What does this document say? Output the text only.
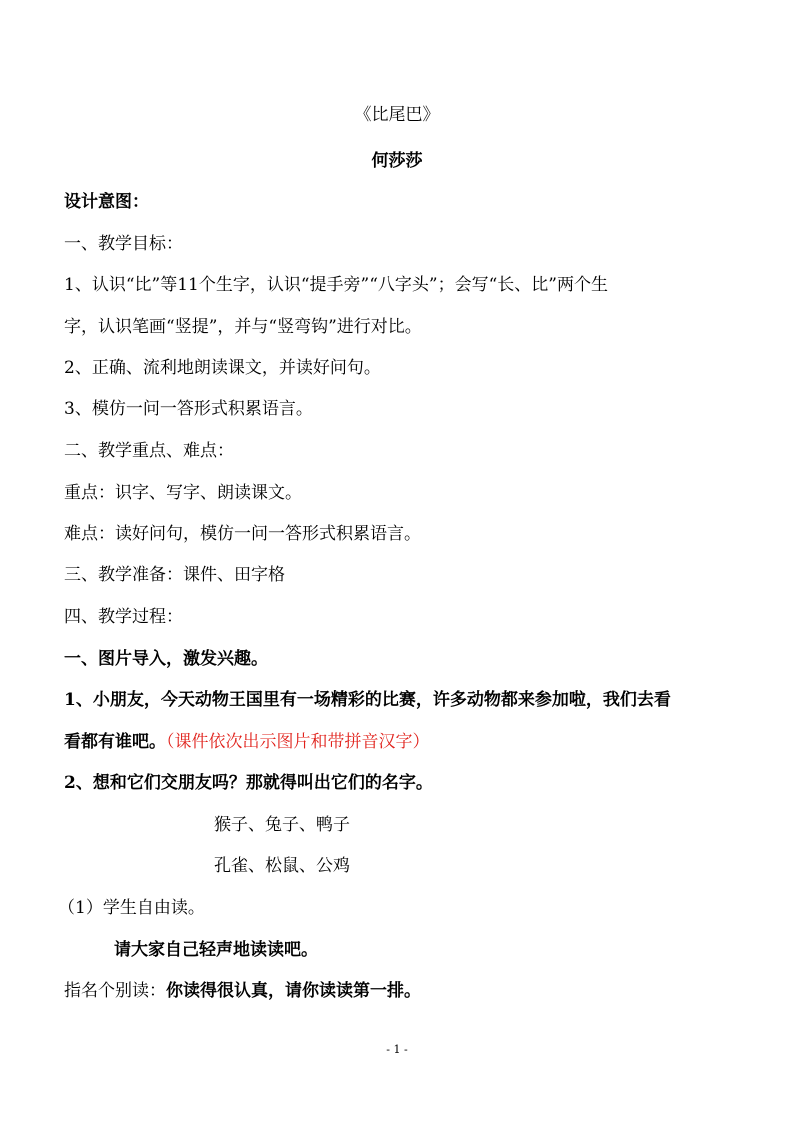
《比尾巴》
何莎莎
设计意图：
一、教学目标：
1、认识“比”等11个生字，认识“提手旁”“八字头”；会写“长、比”两个生
字，认识笔画“竖提”，并与“竖弯钩”进行对比。
2、正确、流利地朗读课文，并读好问句。
3、模仿一问一答形式积累语言。
二、教学重点、难点：
重点：识字、写字、朗读课文。
难点：读好问句，模仿一问一答形式积累语言。
三、教学准备：课件、田字格
四、教学过程：
一、图片导入，激发兴趣。
1、小朋友，今天动物王国里有一场精彩的比赛，许多动物都来参加啦，我们去看
看都有谁吧。（课件依次出示图片和带拼音汉字）
2、想和它们交朋友吗？那就得叫出它们的名字。
猴子、兔子、鸭子
孔雀、松鼠、公鸡
（1）学生自由读。
请大家自己轻声地读读吧。
指名个别读：你读得很认真，请你读读第一排。
- 1 -
